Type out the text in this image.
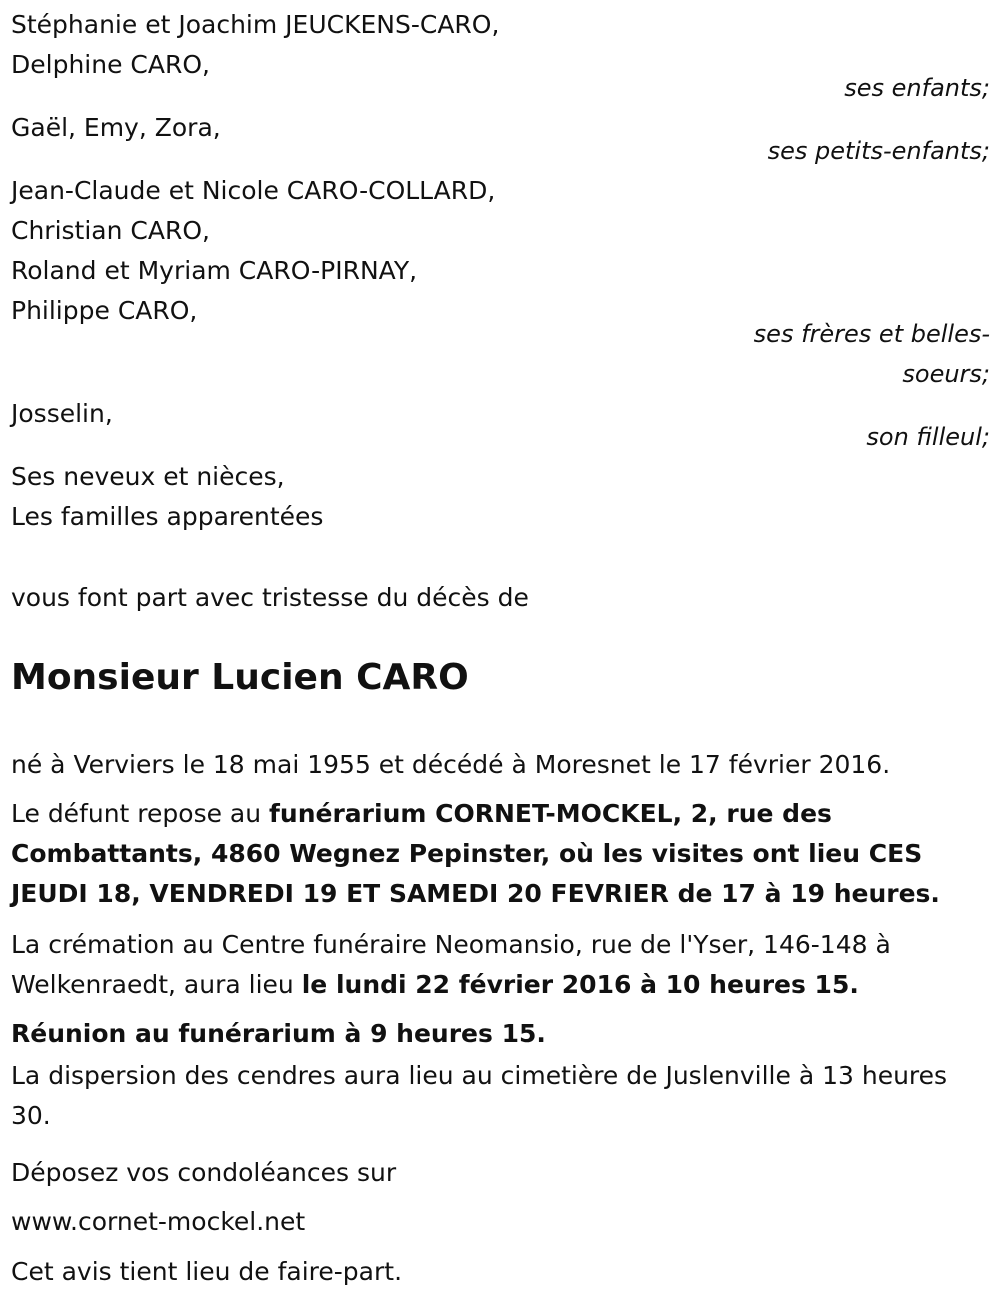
Stéphanie et Joachim JEUCKENS-CARO,

Delphine CARO,

ses enfants;

Gaël, Emy, Zora,

ses petits-enfants;

Jean-Claude et Nicole CARO-COLLARD,

Christian CARO,

Roland et Myriam CARO-PIRNAY,

Philippe CARO,

ses frères et belles-

soeurs;

Josselin,

son filleul;

Ses neveux et nièces,

Les familles apparentées

vous font part avec tristesse du décès de

Monsieur Lucien CARO

né à Verviers le 18 mai 1955 et décédé à Moresnet le 17 février 2016.

Le défunt repose au funérarium CORNET-MOCKEL, 2, rue des Combattants, 4860 Wegnez Pepinster, où les visites ont lieu CES JEUDI 18, VENDREDI 19 ET SAMEDI 20 FEVRIER de 17 à 19 heures.

La crémation au Centre funéraire Neomansio, rue de l'Yser, 146-148 à Welkenraedt, aura lieu le lundi 22 février 2016 à 10 heures 15.

Réunion au funérarium à 9 heures 15.

La dispersion des cendres aura lieu au cimetière de Juslenville à 13 heures 30.

Déposez vos condoléances sur

www.cornet-mockel.net

Cet avis tient lieu de faire-part.
